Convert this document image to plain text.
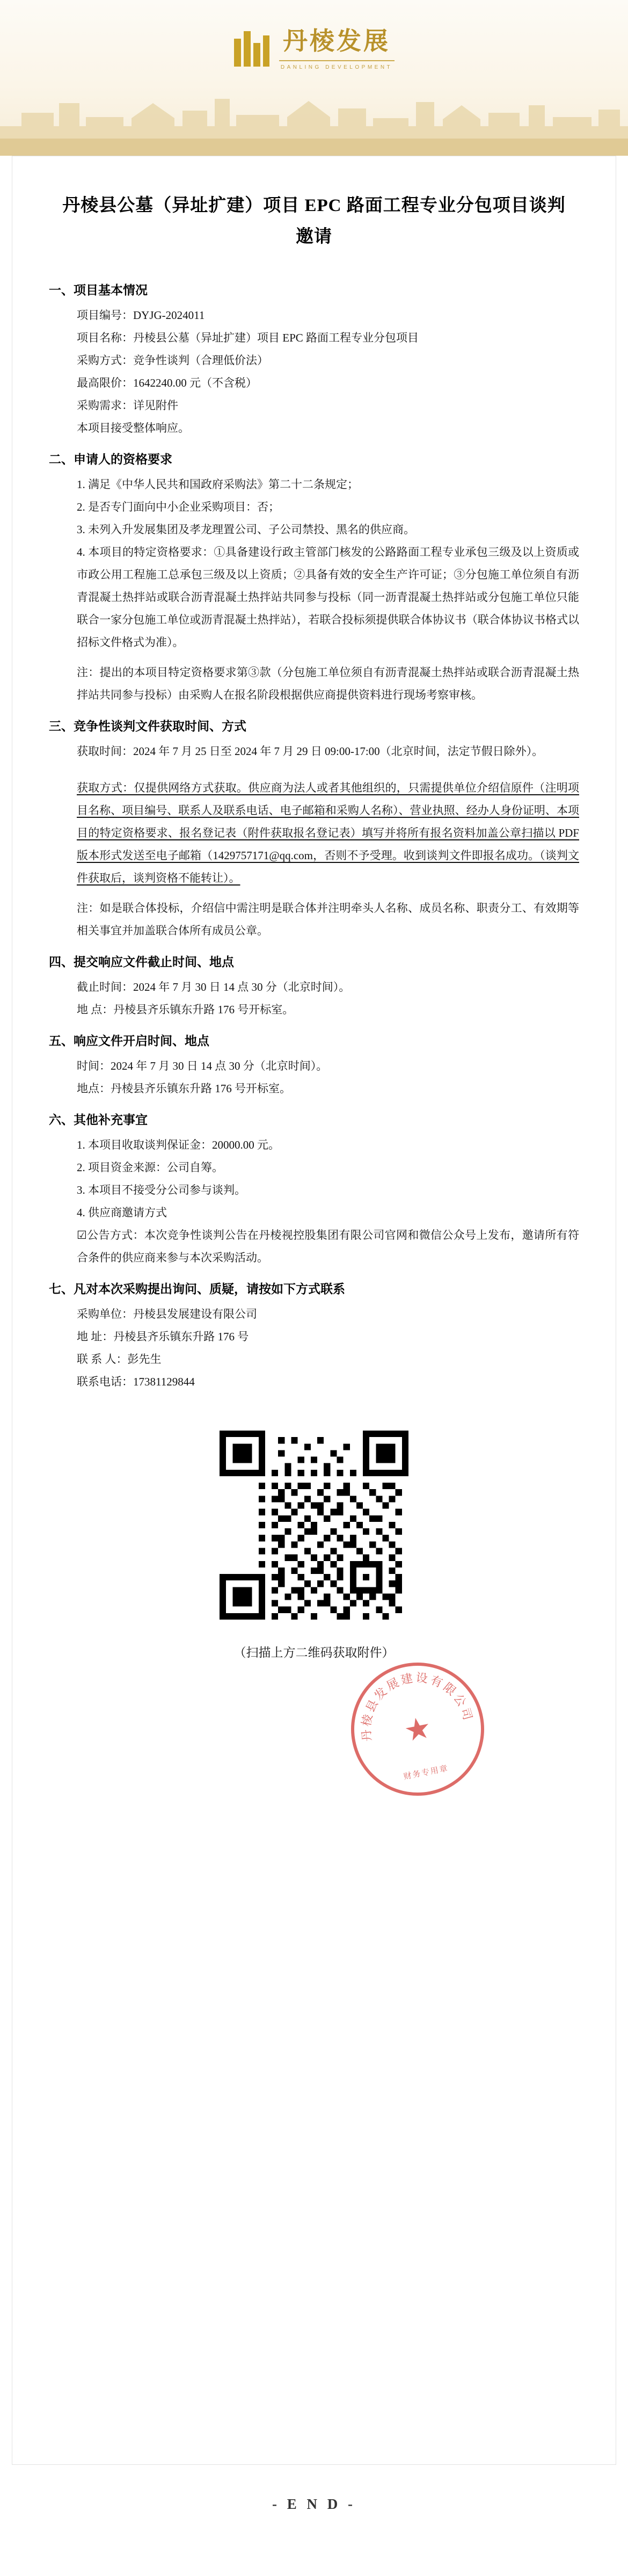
丹棱发展
DANLING DEVELOPMENT
丹棱县公墓（异址扩建）项目 EPC 路面工程专业分包项目谈判邀请
一、项目基本情况

项目编号：DYJG-2024011

项目名称：丹棱县公墓（异址扩建）项目 EPC 路面工程专业分包项目

采购方式：竞争性谈判（合理低价法）

最高限价：1642240.00 元（不含税）

采购需求：详见附件

本项目接受整体响应。

二、申请人的资格要求

1. 满足《中华人民共和国政府采购法》第二十二条规定；

2. 是否专门面向中小企业采购项目：否；

3. 未列入升发展集团及孝龙理置公司、子公司禁投、黑名的供应商。

4. 本项目的特定资格要求：①具备建设行政主管部门核发的公路路面工程专业承包三级及以上资质或市政公用工程施工总承包三级及以上资质；②具备有效的安全生产许可证；③分包施工单位须自有沥青混凝土热拌站或联合沥青混凝土热拌站共同参与投标（同一沥青混凝土热拌站或分包施工单位只能联合一家分包施工单位或沥青混凝土热拌站），若联合投标须提供联合体协议书（联合体协议书格式以招标文件格式为准）。

注：提出的本项目特定资格要求第③款（分包施工单位须自有沥青混凝土热拌站或联合沥青混凝土热拌站共同参与投标）由采购人在报名阶段根据供应商提供资料进行现场考察审核。

三、竞争性谈判文件获取时间、方式

获取时间：2024 年 7 月 25 日至 2024 年 7 月 29 日 09:00-17:00（北京时间，法定节假日除外）。

获取方式：仅提供网络方式获取。供应商为法人或者其他组织的，只需提供单位介绍信原件（注明项目名称、项目编号、联系人及联系电话、电子邮箱和采购人名称）、营业执照、经办人身份证明、本项目的特定资格要求、报名登记表（附件获取报名登记表）填写并将所有报名资料加盖公章扫描以 PDF 版本形式发送至电子邮箱（1429757171@qq.com，否则不予受理。收到谈判文件即报名成功。（谈判文件获取后，谈判资格不能转让）。

注：如是联合体投标，介绍信中需注明是联合体并注明牵头人名称、成员名称、职责分工、有效期等相关事宜并加盖联合体所有成员公章。

四、提交响应文件截止时间、地点

截止时间：2024 年 7 月 30 日 14 点 30 分（北京时间）。

地 点：丹棱县齐乐镇东升路 176 号开标室。

五、响应文件开启时间、地点

时间：2024 年 7 月 30 日 14 点 30 分（北京时间）。

地点：丹棱县齐乐镇东升路 176 号开标室。

六、其他补充事宜

1. 本项目收取谈判保证金：20000.00 元。

2. 项目资金来源：公司自筹。

3. 本项目不接受分公司参与谈判。

4. 供应商邀请方式

☑公告方式：本次竞争性谈判公告在丹棱视控股集团有限公司官网和微信公众号上发布，邀请所有符合条件的供应商来参与本次采购活动。

七、凡对本次采购提出询问、质疑，请按如下方式联系

采购单位：丹棱县发展建设有限公司

地 址：丹棱县齐乐镇东升路 176 号

联 系 人：彭先生

联系电话：17381129844

★
丹棱县发展建设有限公司
财务专用章
（扫描上方二维码获取附件）
- E N D -
